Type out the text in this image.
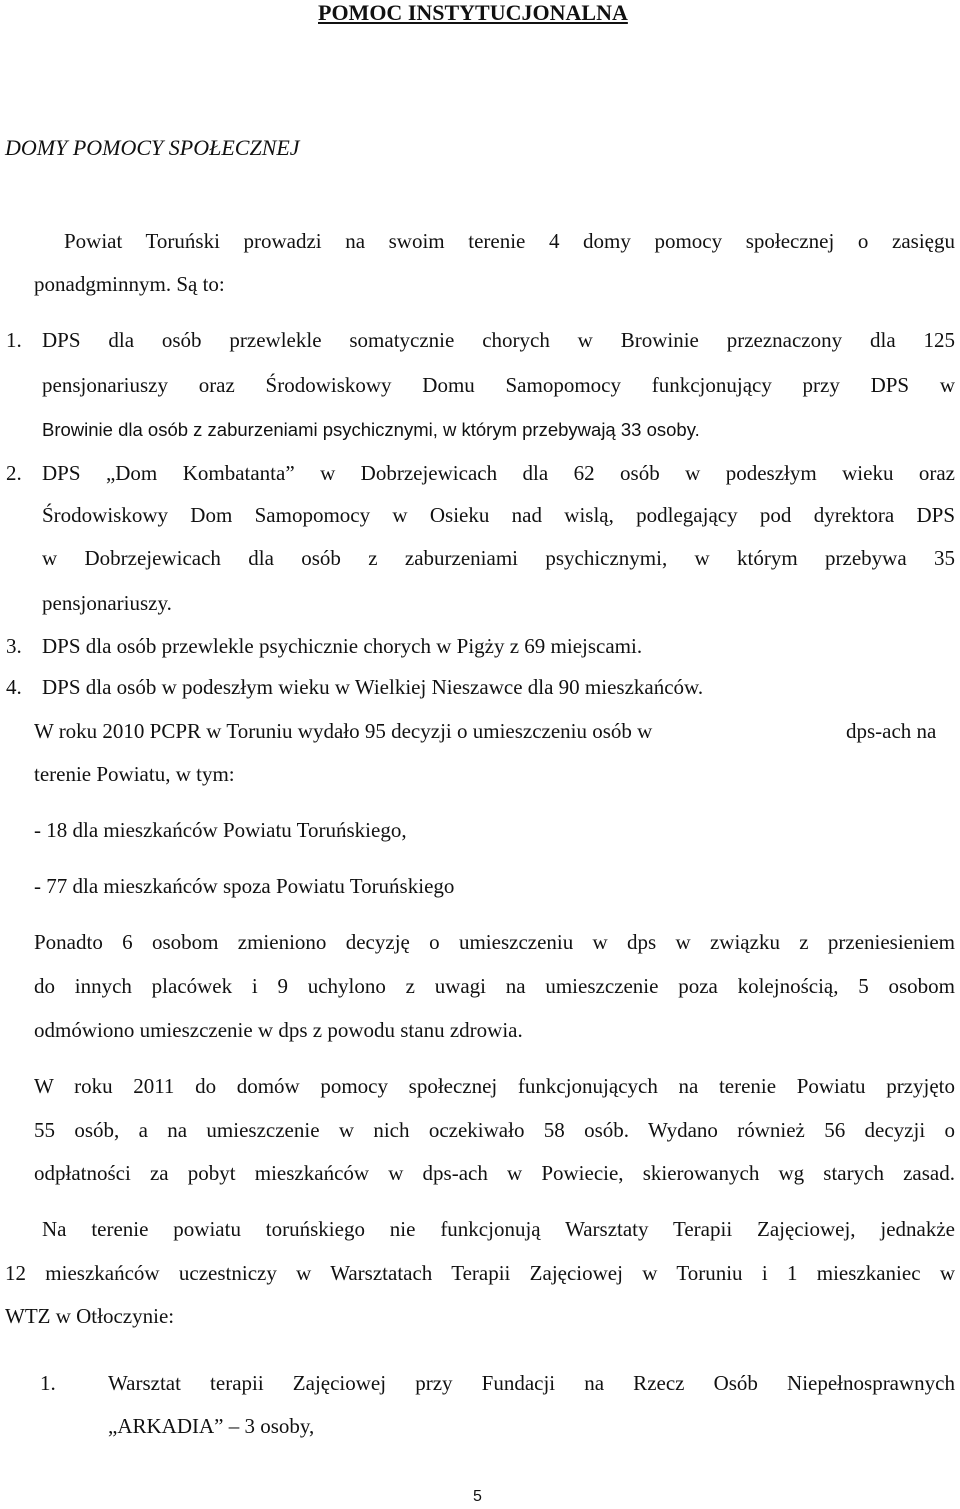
POMOC INSTYTUCJONALNA
DOMY POMOCY SPOŁECZNEJ
Powiat Toruński prowadzi na swoim terenie 4 domy pomocy społecznej o zasięgu
ponadgminnym. Są to:
1. DPS dla osób przewlekle somatycznie chorych w Browinie przeznaczony dla 125
pensjonariuszy oraz Środowiskowy Domu Samopomocy funkcjonujący przy DPS w
Browinie dla osób z zaburzeniami psychicznymi, w którym przebywają 33 osoby.
2. DPS „Dom Kombatanta” w Dobrzejewicach dla 62 osób w podeszłym wieku oraz
Środowiskowy Dom Samopomocy w Osieku nad wislą, podlegający pod dyrektora DPS
w Dobrzejewicach dla osób z zaburzeniami psychicznymi, w którym przebywa 35
pensjonariuszy.
3. DPS dla osób przewlekle psychicznie chorych w Pigży z 69 miejscami.
4. DPS dla osób w podeszłym wieku w Wielkiej Nieszawce dla 90 mieszkańców.
W roku 2010 PCPR w Toruniu wydało 95 decyzji o umieszczeniu osób w	dps-ach na
terenie Powiatu, w tym:
- 18 dla mieszkańców Powiatu Toruńskiego,
- 77 dla mieszkańców spoza Powiatu Toruńskiego
Ponadto 6 osobom zmieniono decyzję o umieszczeniu w dps w związku z przeniesieniem
do innych placówek i 9 uchylono z uwagi na umieszczenie poza kolejnością, 5 osobom
odmówiono umieszczenie w dps z powodu stanu zdrowia.
W roku 2011 do domów pomocy społecznej funkcjonujących na terenie Powiatu przyjęto
55 osób, a na umieszczenie w nich oczekiwało 58 osób. Wydano również 56 decyzji o
odpłatności za pobyt mieszkańców w dps-ach w Powiecie, skierowanych wg starych zasad.
Na terenie powiatu toruńskiego nie funkcjonują Warsztaty Terapii Zajęciowej, jednakże
12 mieszkańców uczestniczy w Warsztatach Terapii Zajęciowej w Toruniu i 1 mieszkaniec w
WTZ w Otłoczynie:
1. Warsztat terapii Zajęciowej przy Fundacji na Rzecz Osób Niepełnosprawnych
„ARKADIA” – 3 osoby,
5
